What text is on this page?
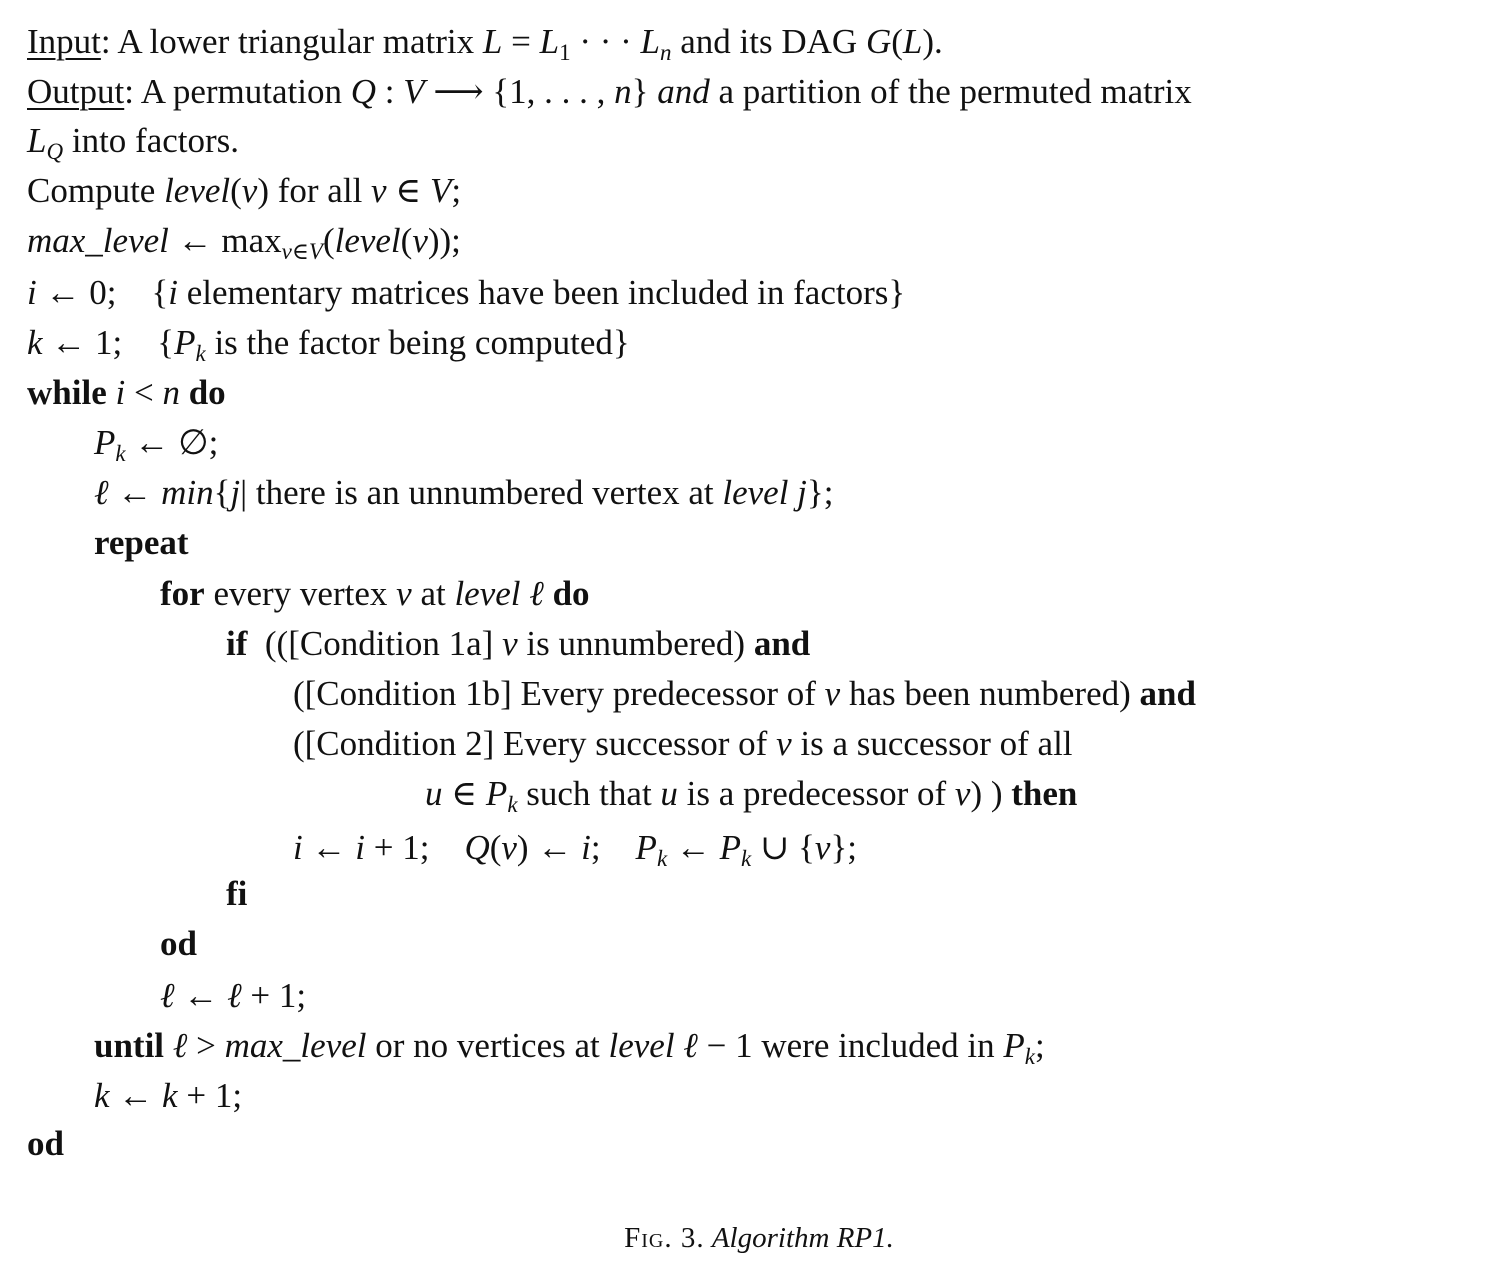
Input: A lower triangular matrix $L = L_1$ · · · $L_n$ and its DAG G(L).
Output: A permutation Q : V ⟶ {1, . . . , n} and a partition of the permuted matrix
$L_Q$ into factors.
Compute level(v) for all v ∈ V;
max_level ← $\max_{v\in V}(level(v))$;
i ← 0;    {i elementary matrices have been included in factors}
k ← 1;    {$P_k$ is the factor being computed}
while i < n do
$P_k$ ← ∅;
ℓ ← min{j| there is an unnumbered vertex at level j};
repeat
for every vertex v at level ℓ do
if  (([Condition 1a] v is unnumbered) and
([Condition 1b] Every predecessor of v has been numbered) and
([Condition 2] Every successor of v is a successor of all
u ∈ $P_k$ such that u is a predecessor of v) ) then
i ← i + 1;    Q(v) ← i;    $P_k$ ← $P_k$ ∪ {v};
fi
od
ℓ ← ℓ + 1;
until ℓ > max_level or no vertices at level ℓ − 1 were included in $P_k$;
k ← k + 1;
od
Fig. 3. Algorithm RP1.
